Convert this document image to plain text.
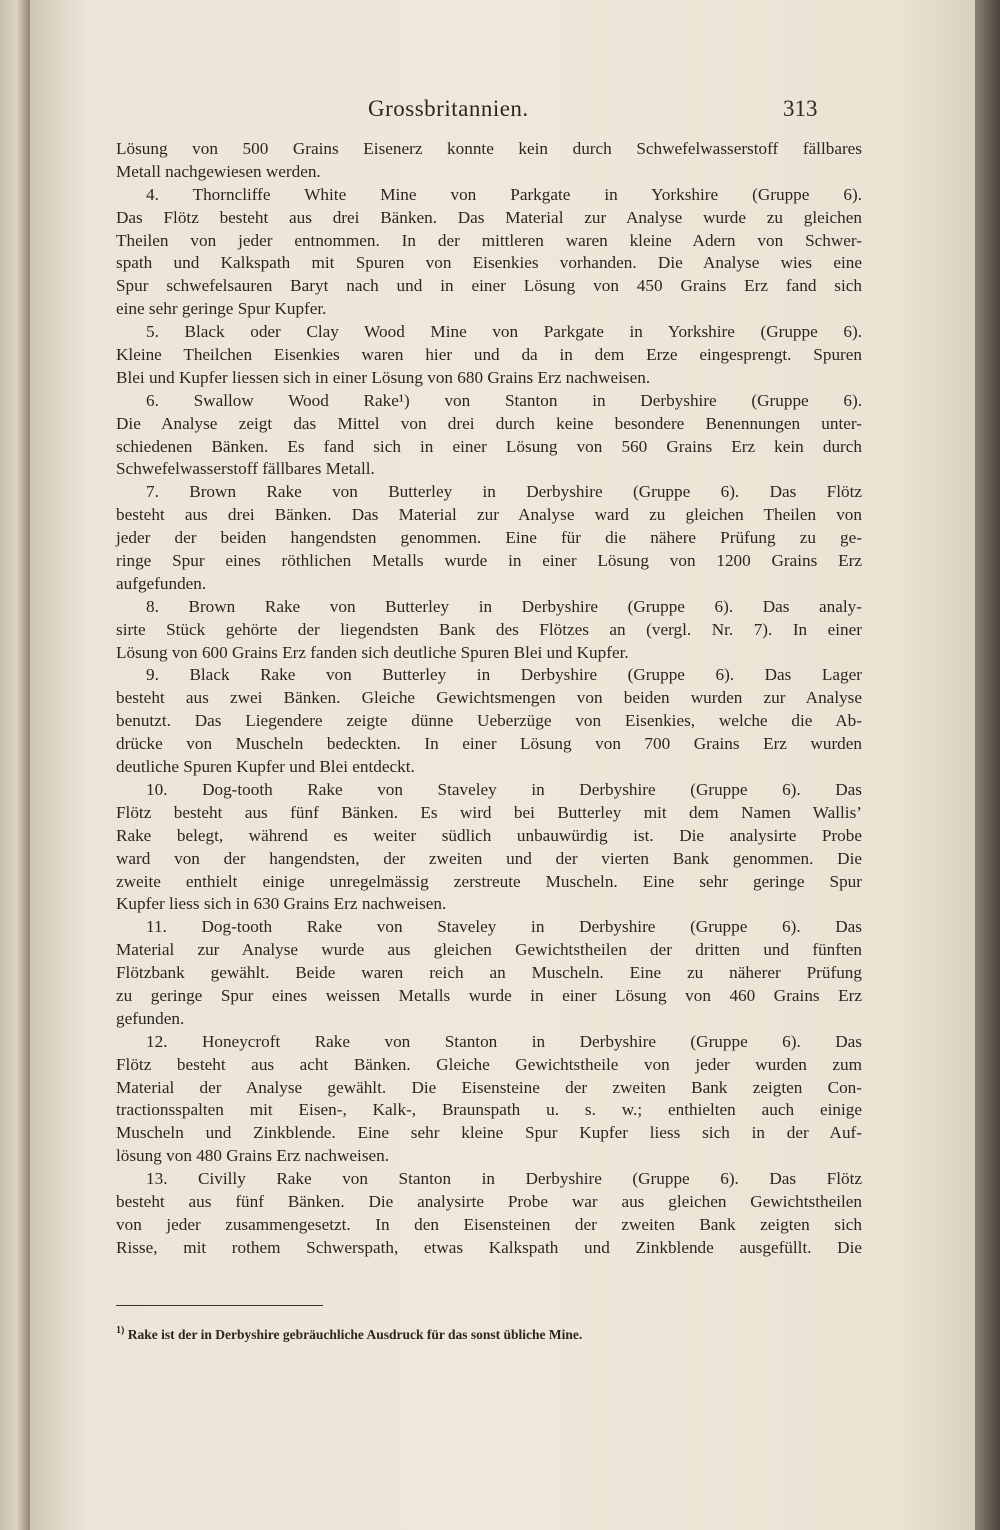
Grossbritannien.	313
Lösung von 500 Grains Eisenerz konnte kein durch Schwefelwasserstoff fällbares
Metall nachgewiesen werden.
4. Thorncliffe White Mine von Parkgate in Yorkshire (Gruppe 6).
Das Flötz besteht aus drei Bänken. Das Material zur Analyse wurde zu gleichen
Theilen von jeder entnommen. In der mittleren waren kleine Adern von Schwer-
spath und Kalkspath mit Spuren von Eisenkies vorhanden. Die Analyse wies eine
Spur schwefelsauren Baryt nach und in einer Lösung von 450 Grains Erz fand sich
eine sehr geringe Spur Kupfer.
5. Black oder Clay Wood Mine von Parkgate in Yorkshire (Gruppe 6).
Kleine Theilchen Eisenkies waren hier und da in dem Erze eingesprengt. Spuren
Blei und Kupfer liessen sich in einer Lösung von 680 Grains Erz nachweisen.
6. Swallow Wood Rake¹) von Stanton in Derbyshire (Gruppe 6).
Die Analyse zeigt das Mittel von drei durch keine besondere Benennungen unter-
schiedenen Bänken. Es fand sich in einer Lösung von 560 Grains Erz kein durch
Schwefelwasserstoff fällbares Metall.
7. Brown Rake von Butterley in Derbyshire (Gruppe 6). Das Flötz
besteht aus drei Bänken. Das Material zur Analyse ward zu gleichen Theilen von
jeder der beiden hangendsten genommen. Eine für die nähere Prüfung zu ge-
ringe Spur eines röthlichen Metalls wurde in einer Lösung von 1200 Grains Erz
aufgefunden.
8. Brown Rake von Butterley in Derbyshire (Gruppe 6). Das analy-
sirte Stück gehörte der liegendsten Bank des Flötzes an (vergl. Nr. 7). In einer
Lösung von 600 Grains Erz fanden sich deutliche Spuren Blei und Kupfer.
9. Black Rake von Butterley in Derbyshire (Gruppe 6). Das Lager
besteht aus zwei Bänken. Gleiche Gewichtsmengen von beiden wurden zur Analyse
benutzt. Das Liegendere zeigte dünne Ueberzüge von Eisenkies, welche die Ab-
drücke von Muscheln bedeckten. In einer Lösung von 700 Grains Erz wurden
deutliche Spuren Kupfer und Blei entdeckt.
10. Dog-tooth Rake von Staveley in Derbyshire (Gruppe 6). Das
Flötz besteht aus fünf Bänken. Es wird bei Butterley mit dem Namen Wallis’
Rake belegt, während es weiter südlich unbauwürdig ist. Die analysirte Probe
ward von der hangendsten, der zweiten und der vierten Bank genommen. Die
zweite enthielt einige unregelmässig zerstreute Muscheln. Eine sehr geringe Spur
Kupfer liess sich in 630 Grains Erz nachweisen.
11. Dog-tooth Rake von Staveley in Derbyshire (Gruppe 6). Das
Material zur Analyse wurde aus gleichen Gewichtstheilen der dritten und fünften
Flötzbank gewählt. Beide waren reich an Muscheln. Eine zu näherer Prüfung
zu geringe Spur eines weissen Metalls wurde in einer Lösung von 460 Grains Erz
gefunden.
12. Honeycroft Rake von Stanton in Derbyshire (Gruppe 6). Das
Flötz besteht aus acht Bänken. Gleiche Gewichtstheile von jeder wurden zum
Material der Analyse gewählt. Die Eisensteine der zweiten Bank zeigten Con-
tractionsspalten mit Eisen-, Kalk-, Braunspath u. s. w.; enthielten auch einige
Muscheln und Zinkblende. Eine sehr kleine Spur Kupfer liess sich in der Auf-
lösung von 480 Grains Erz nachweisen.
13. Civilly Rake von Stanton in Derbyshire (Gruppe 6). Das Flötz
besteht aus fünf Bänken. Die analysirte Probe war aus gleichen Gewichtstheilen
von jeder zusammengesetzt. In den Eisensteinen der zweiten Bank zeigten sich
Risse, mit rothem Schwerspath, etwas Kalkspath und Zinkblende ausgefüllt. Die
$^{1)}$ Rake ist der in Derbyshire gebräuchliche Ausdruck für das sonst übliche Mine.
